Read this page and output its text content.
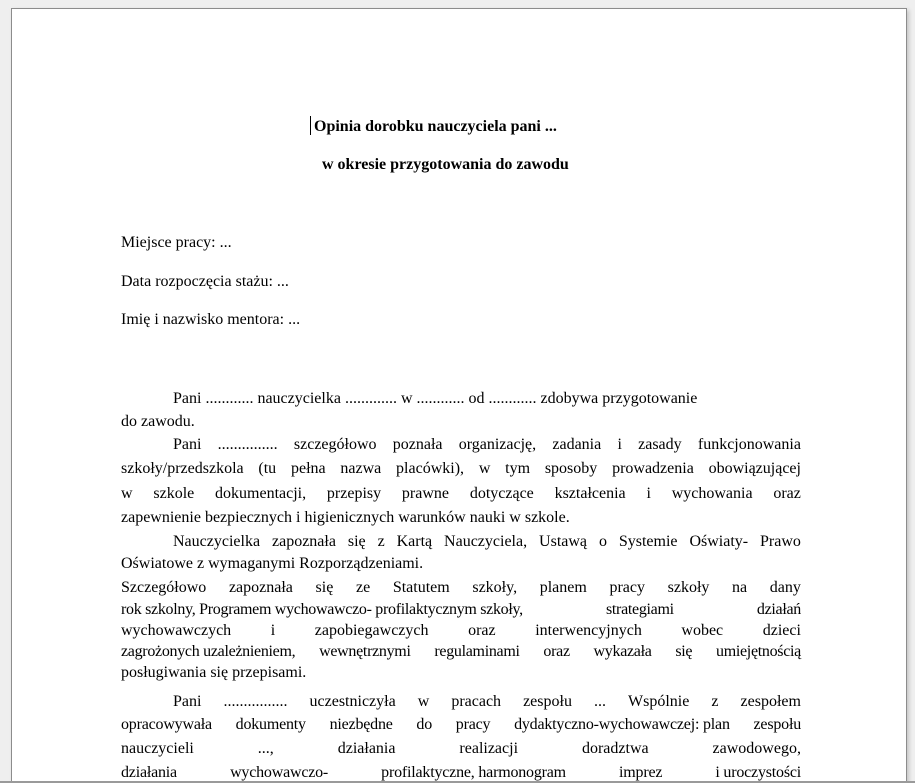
Opinia dorobku nauczyciela pani ...
w okresie przygotowania do zawodu
Miejsce pracy: ...
Data rozpoczęcia stażu: ...
Imię i nazwisko mentora: ...
Pani ............ nauczycielka ............. w ............ od ............ zdobywa przygotowanie
do zawodu.
Pani ............... szczegółowo poznała organizację, zadania i zasady funkcjonowania
szkoły/przedszkola (tu pełna nazwa placówki), w tym sposoby prowadzenia obowiązującej
w szkole dokumentacji, przepisy prawne dotyczące kształcenia i wychowania oraz
zapewnienie bezpiecznych i higienicznych warunków nauki w szkole.
Nauczycielka zapoznała się z Kartą Nauczyciela, Ustawą o Systemie Oświaty- Prawo
Oświatowe z wymaganymi Rozporządzeniami.
Szczegółowo zapoznała się ze Statutem szkoły, planem pracy szkoły na dany
rok szkolny, Programem wychowawczo- profilaktycznym szkoły,	strategiami	działań
wychowawczych i zapobiegawczych oraz interwencyjnych wobec dzieci
zagrożonych uzależnieniem, wewnętrznymi regulaminami oraz wykazała się umiejętnością
posługiwania się przepisami.
Pani ................ uczestniczyła w pracach zespołu ... Wspólnie z zespołem
opracowywała dokumenty niezbędne do pracy dydaktyczno-wychowawczej: plan zespołu
nauczycieli	...,	działania	realizacji	doradztwa	zawodowego,
działania	wychowawczo-	profilaktyczne, harmonogram	imprez	i uroczystości
